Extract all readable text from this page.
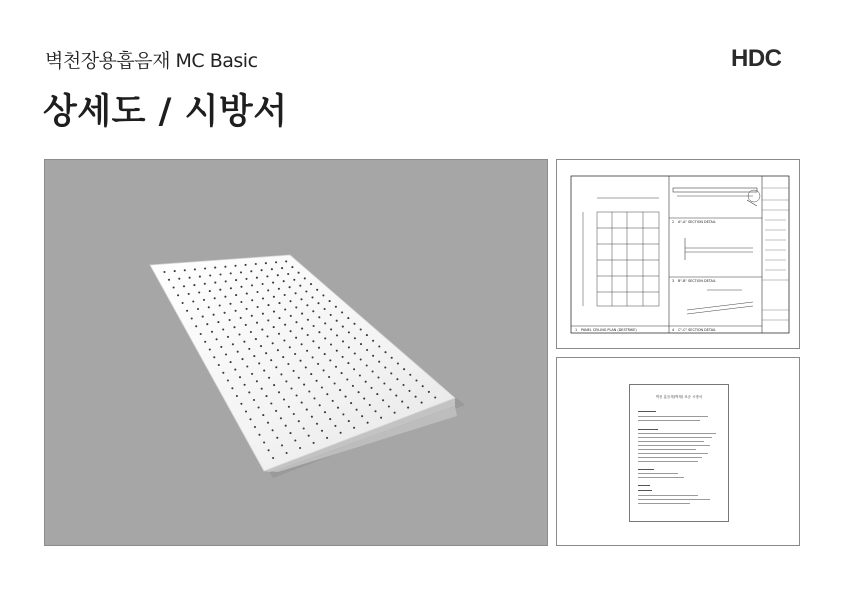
벽천장용흡음재 MC Basic
상세도 / 시방서
HDC
1 PANEL CEILING PLAN (DESTRIKE)
2 A"-A" SECTION DETAIL
3 B"-B" SECTION DETAIL
4 C"-C" SECTION DETAIL
벽천 흡음재(벽체) 표준 시방서
